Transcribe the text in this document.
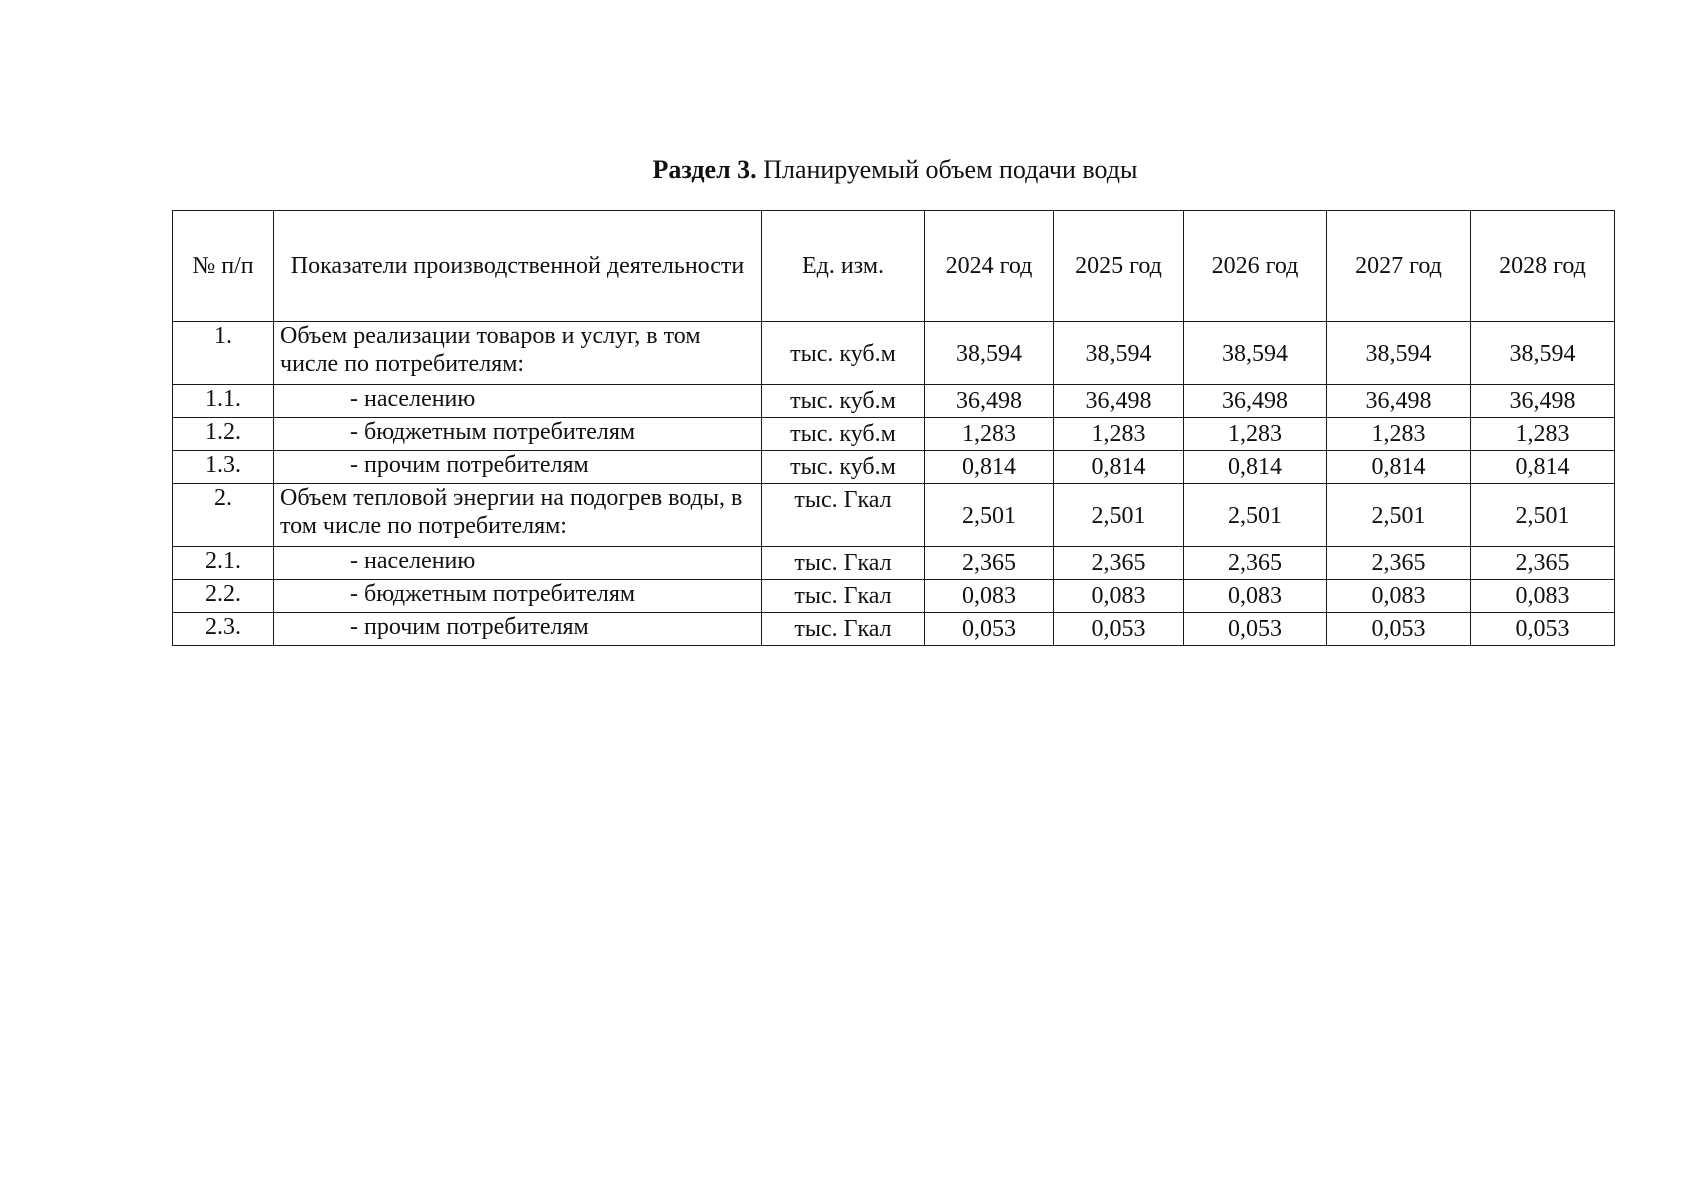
Раздел 3. Планируемый объем подачи воды
№ п/п	Показатели производственной деятельности	Ед. изм.	2024 год	2025 год	2026 год	2027 год	2028 год
1.	Объем реализации товаров и услуг, в том числе по потребителям:	тыс. куб.м	38,594	38,594	38,594	38,594	38,594
1.1.	- населению	тыс. куб.м	36,498	36,498	36,498	36,498	36,498
1.2.	- бюджетным потребителям	тыс. куб.м	1,283	1,283	1,283	1,283	1,283
1.3.	- прочим потребителям	тыс. куб.м	0,814	0,814	0,814	0,814	0,814
2.	Объем тепловой энергии на подогрев воды, в том числе по потребителям:	тыс. Гкал	2,501	2,501	2,501	2,501	2,501
2.1.	- населению	тыс. Гкал	2,365	2,365	2,365	2,365	2,365
2.2.	- бюджетным потребителям	тыс. Гкал	0,083	0,083	0,083	0,083	0,083
2.3.	- прочим потребителям	тыс. Гкал	0,053	0,053	0,053	0,053	0,053
